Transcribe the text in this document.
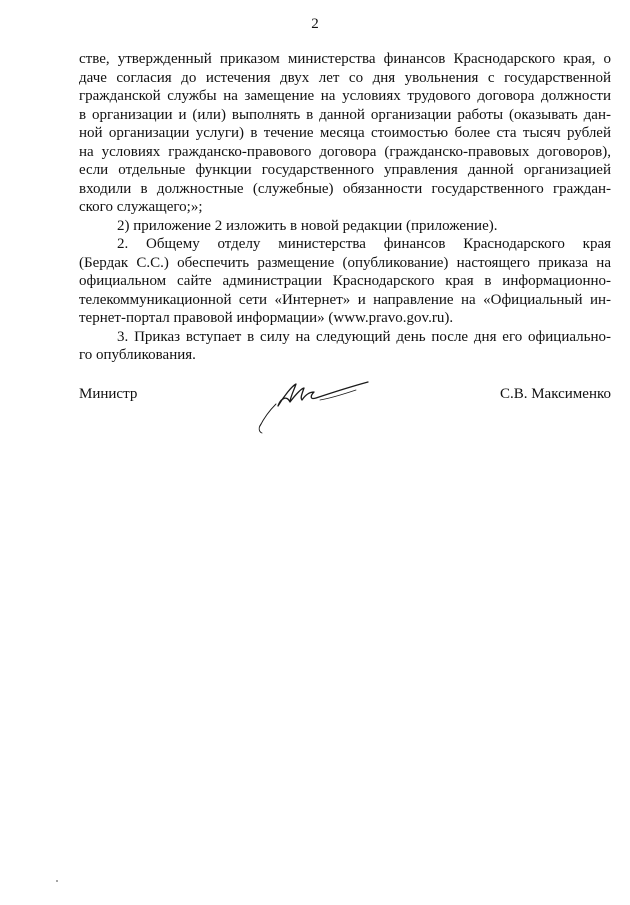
2

стве, утвержденный приказом министерства финансов Краснодарского края, о
даче согласия до истечения двух лет со дня увольнения с государственной
гражданской службы на замещение на условиях трудового договора должности
в организации и (или) выполнять в данной организации работы (оказывать дан-
ной организации услуги) в течение месяца стоимостью более ста тысяч рублей
на условиях гражданско-правового договора (гражданско-правовых договоров),
если отдельные функции государственного управления данной организацией
входили в должностные (служебные) обязанности государственного граждан-
ского служащего;»;

2) приложение 2 изложить в новой редакции (приложение).

2. Общему отделу министерства финансов Краснодарского края
(Бердак С.С.) обеспечить размещение (опубликование) настоящего приказа на
официальном сайте администрации Краснодарского края в информационно-
телекоммуникационной сети «Интернет» и направление на «Официальный ин-
тернет-портал правовой информации» (www.pravo.gov.ru).

3. Приказ вступает в силу на следующий день после дня его официально-
го опубликования.

Министр	С.В. Максименко
